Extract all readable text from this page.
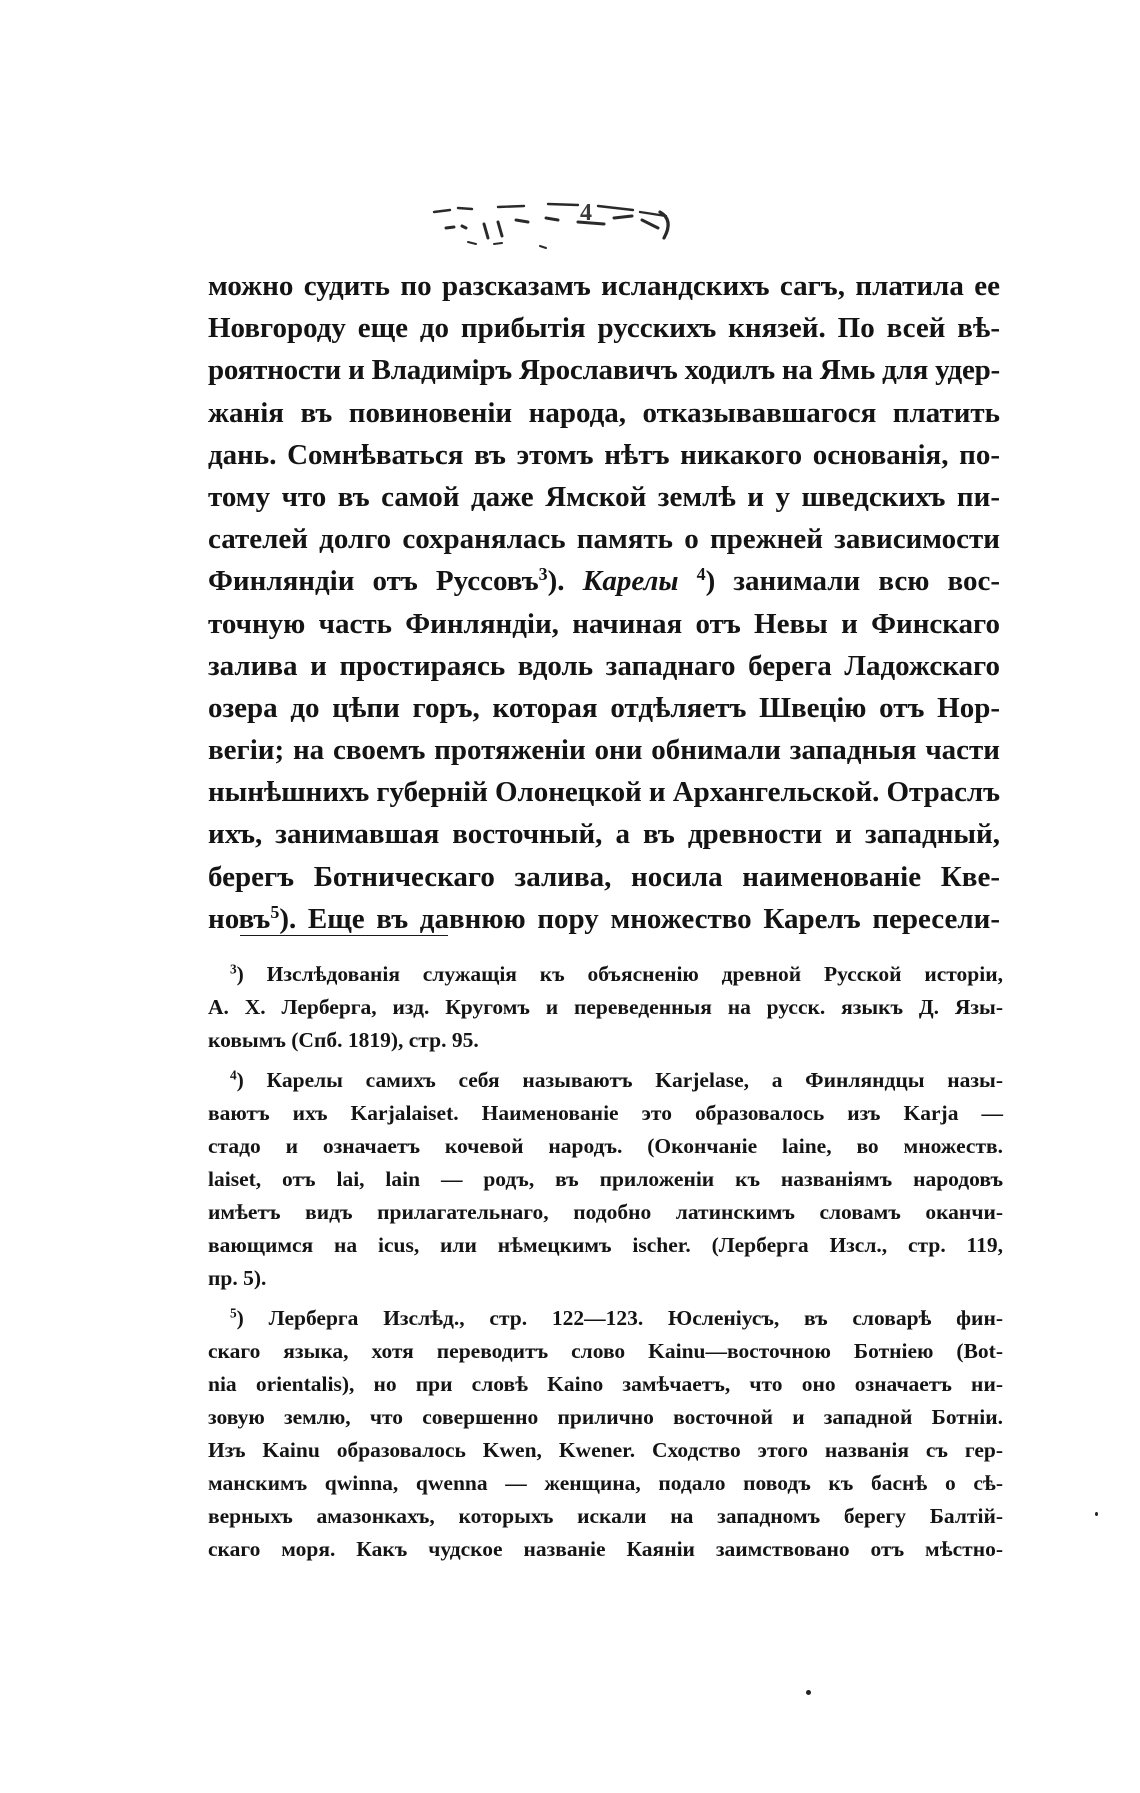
4
можно судить по разсказамъ исландскихъ сагъ, платила ее
Новгороду еще до прибытія русскихъ князей. По всей вѣ-
роятности и Владиміръ Ярославичъ ходилъ на Ямь для удер-
жанія въ повиновеніи народа, отказывавшагося платить
дань. Сомнѣваться въ этомъ нѣтъ никакого основанія, по-
тому что въ самой даже Ямской землѣ и у шведскихъ пи-
сателей долго сохранялась память о прежней зависимости
Финляндіи отъ Руссовъ$^3$). Карелы $^4$) занимали всю вос-
точную часть Финляндіи, начиная отъ Невы и Финскаго
залива и простираясь вдоль западнаго берега Ладожскаго
озера до цѣпи горъ, которая отдѣляетъ Швецію отъ Нор-
вегіи; на своемъ протяженіи они обнимали западныя части
нынѣшнихъ губерній Олонецкой и Архангельской. Отраслъ
ихъ, занимавшая восточный, а въ древности и западный,
берегъ Ботническаго залива, носила наименованіе Кве-
новъ$^5$). Еще въ давнюю пору множество Карелъ пересели-
$^3$) Изслѣдованія служащія къ объясненію древной Русской исторіи,
А. Х. Лерберга, изд. Кругомъ и переведенныя на русск. языкъ Д. Язы-
ковымъ (Спб. 1819), стр. 95.
$^4$) Карелы самихъ себя называютъ Karjelase, а Финляндцы назы-
ваютъ ихъ Karjalaiset. Наименованіе это образовалось изъ Karja —
стадо и означаетъ кочевой народъ. (Окончаніе laine, во множеств.
laiset, отъ lai, lain — родъ, въ приложеніи къ названіямъ народовъ
имѣетъ видъ прилагательнаго, подобно латинскимъ словамъ оканчи-
вающимся на icus, или нѣмецкимъ ischer. (Лерберга Изсл., стр. 119,
пр. 5).
$^5$) Лерберга Изслѣд., стр. 122—123. Юсленіусъ, въ словарѣ фин-
скаго языка, хотя переводитъ слово Kainu—восточною Ботніею (Bot-
nia orientalis), но при словѣ Kaino замѣчаетъ, что оно означаетъ ни-
зовую землю, что совершенно прилично восточной и западной Ботніи.
Изъ Kainu образовалось Kwen, Kwener. Сходство этого названія съ гер-
манскимъ qwinna, qwenna — женщина, подало поводъ къ баснѣ о сѣ-
верныхъ амазонкахъ, которыхъ искали на западномъ берегу Балтій-
скаго моря. Какъ чудское названіе Каяніи заимствовано отъ мѣстно-
